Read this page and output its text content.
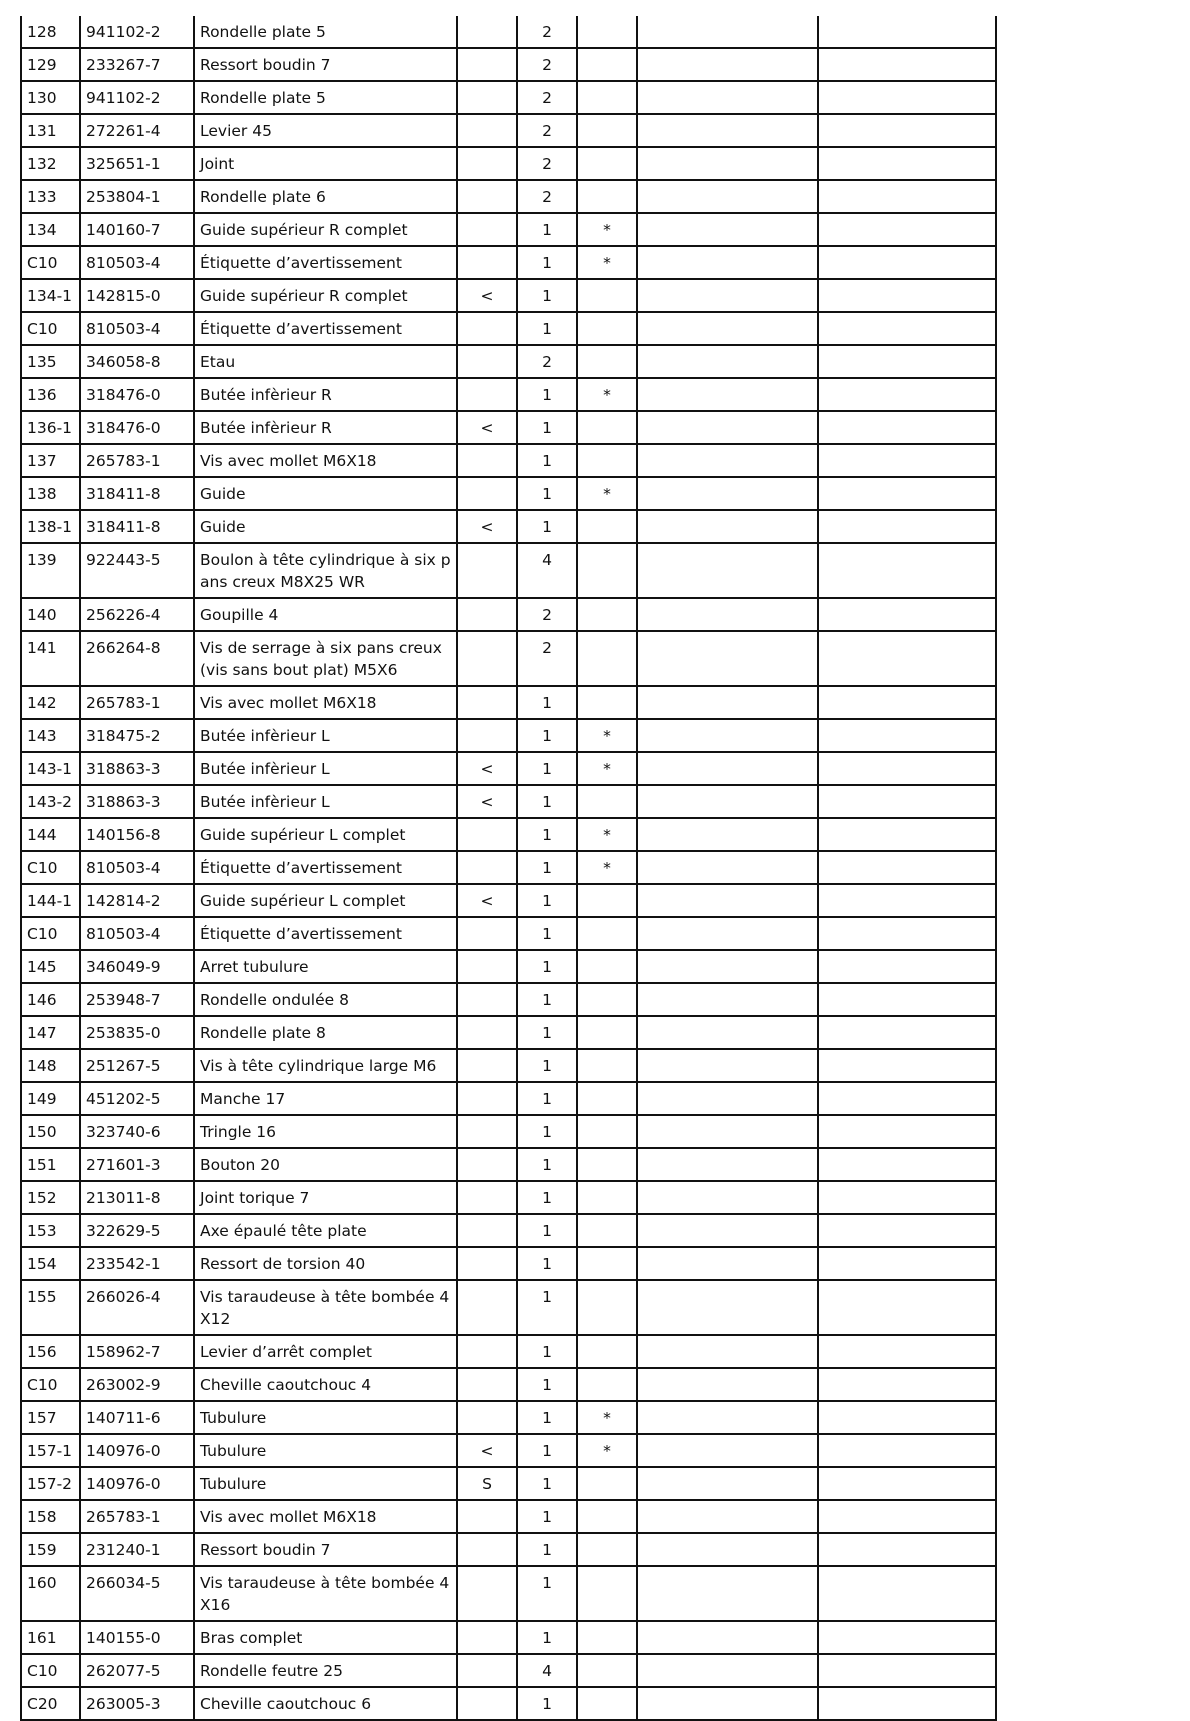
128	941102-2	Rondelle plate 5		2			
129	233267-7	Ressort boudin 7		2			
130	941102-2	Rondelle plate 5		2			
131	272261-4	Levier 45		2			
132	325651-1	Joint		2			
133	253804-1	Rondelle plate 6		2			
134	140160-7	Guide supérieur R complet		1	*		
C10	810503-4	Étiquette d’avertissement		1	*		
134-1	142815-0	Guide supérieur R complet	<	1			
C10	810503-4	Étiquette d’avertissement		1			
135	346058-8	Etau		2			
136	318476-0	Butée infèrieur R		1	*		
136-1	318476-0	Butée infèrieur R	<	1			
137	265783-1	Vis avec mollet M6X18		1			
138	318411-8	Guide		1	*		
138-1	318411-8	Guide	<	1			
139	922443-5	Boulon à tête cylindrique à six pans creux M8X25 WR		4			
140	256226-4	Goupille 4		2			
141	266264-8	Vis de serrage à six pans creux (vis sans bout plat) M5X6		2			
142	265783-1	Vis avec mollet M6X18		1			
143	318475-2	Butée infèrieur L		1	*		
143-1	318863-3	Butée infèrieur L	<	1	*		
143-2	318863-3	Butée infèrieur L	<	1			
144	140156-8	Guide supérieur L complet		1	*		
C10	810503-4	Étiquette d’avertissement		1	*		
144-1	142814-2	Guide supérieur L complet	<	1			
C10	810503-4	Étiquette d’avertissement		1			
145	346049-9	Arret tubulure		1			
146	253948-7	Rondelle ondulée 8		1			
147	253835-0	Rondelle plate 8		1			
148	251267-5	Vis à tête cylindrique large M6		1			
149	451202-5	Manche 17		1			
150	323740-6	Tringle 16		1			
151	271601-3	Bouton 20		1			
152	213011-8	Joint torique 7		1			
153	322629-5	Axe épaulé tête plate		1			
154	233542-1	Ressort de torsion 40		1			
155	266026-4	Vis taraudeuse à tête bombée 4X12		1			
156	158962-7	Levier d’arrêt complet		1			
C10	263002-9	Cheville caoutchouc 4		1			
157	140711-6	Tubulure		1	*		
157-1	140976-0	Tubulure	<	1	*		
157-2	140976-0	Tubulure	S	1			
158	265783-1	Vis avec mollet M6X18		1			
159	231240-1	Ressort boudin 7		1			
160	266034-5	Vis taraudeuse à tête bombée 4X16		1			
161	140155-0	Bras complet		1			
C10	262077-5	Rondelle feutre 25		4			
C20	263005-3	Cheville caoutchouc 6		1			
